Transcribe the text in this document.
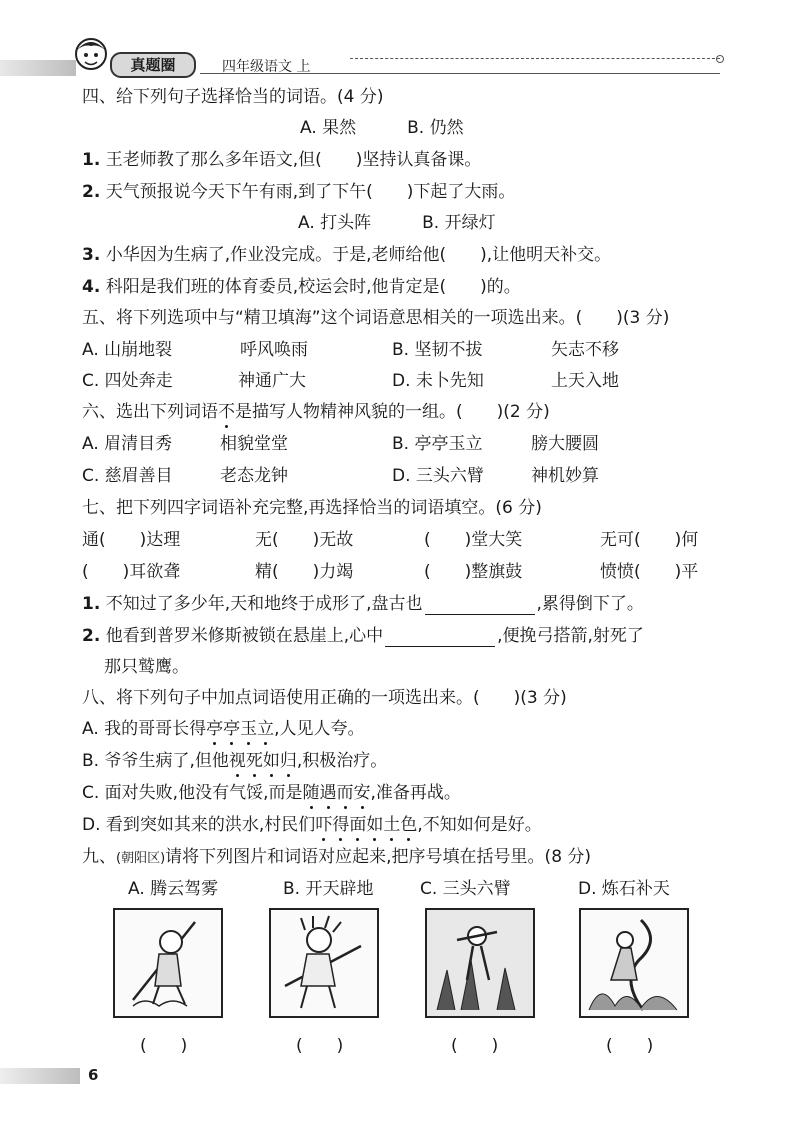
真题圈	四年级语文 上
四、给下列句子选择恰当的词语。(4 分)
A. 果然　　　B. 仍然
1. 王老师教了那么多年语文,但(　　)坚持认真备课。
2. 天气预报说今天下午有雨,到了下午(　　)下起了大雨。
A. 打头阵　　　B. 开绿灯
3. 小华因为生病了,作业没完成。于是,老师给他(　　),让他明天补交。
4. 科阳是我们班的体育委员,校运会时,他肯定是(　　)的。
五、将下列选项中与“精卫填海”这个词语意思相关的一项选出来。(　　)(3 分)
A. 山崩地裂	呼风唤雨	B. 坚韧不拔	矢志不移
C. 四处奔走	神通广大	D. 未卜先知	上天入地
六、选出下列词语不是描写人物精神风貌的一组。(　　)(2 分)
A. 眉清目秀	相貌堂堂	B. 亭亭玉立	膀大腰圆
C. 慈眉善目	老态龙钟	D. 三头六臂	神机妙算
七、把下列四字词语补充完整,再选择恰当的词语填空。(6 分)
通(　　)达理	无(　　)无故	(　　)堂大笑	无可(　　)何
(　　)耳欲聋	精(　　)力竭	(　　)整旗鼓	愤愤(　　)平
1. 不知过了多少年,天和地终于成形了,盘古也	,累得倒下了。
2. 他看到普罗米修斯被锁在悬崖上,心中	,便挽弓搭箭,射死了
那只鹫鹰。
八、将下列句子中加点词语使用正确的一项选出来。(　　)(3 分)
A. 我的哥哥长得亭亭玉立,人见人夸。
B. 爷爷生病了,但他视死如归,积极治疗。
C. 面对失败,他没有气馁,而是随遇而安,准备再战。
D. 看到突如其来的洪水,村民们吓得面如土色,不知如何是好。
九、(朝阳区)请将下列图片和词语对应起来,把序号填在括号里。(8 分)
A. 腾云驾雾	B. 开天辟地	C. 三头六臂	D. 炼石补天
(　　)	(　　)	(　　)	(　　)
6
